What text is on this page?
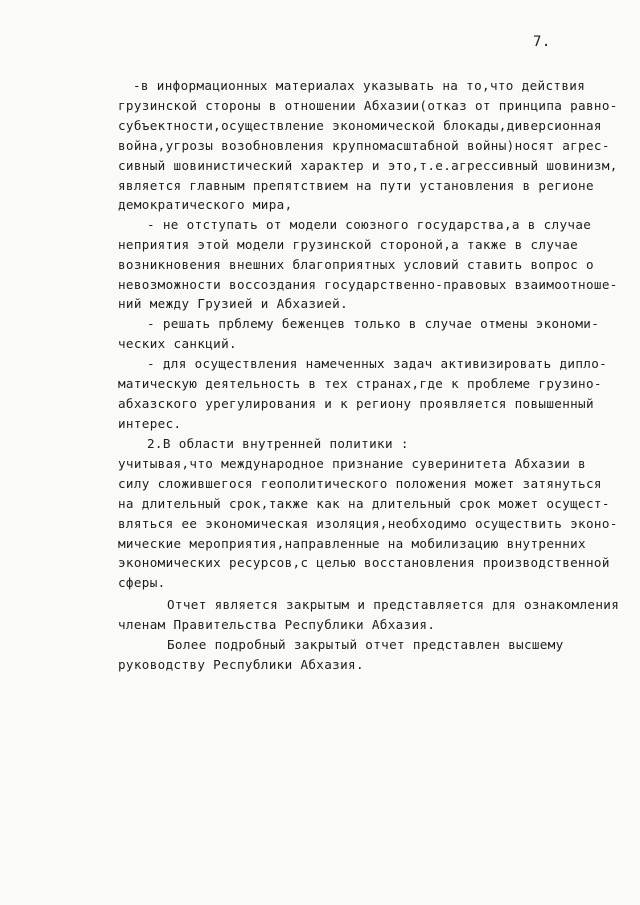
7.
-в информационных материалах указывать на то,что действия
грузинской стороны в отношении Абхазии(отказ от принципа равно-
субъектности,осуществление экономической блокады,диверсионная
война,угрозы возобновления крупномасштабной войны)носят агрес-
сивный шовинистический характер и это,т.е.агрессивный шовинизм,
является главным препятствием на пути установления в регионе
демократического мира,
- не отступать от модели союзного государства,а в случае
неприятия этой модели грузинской стороной,а также в случае
возникновения внешних благоприятных условий ставить вопрос о
невозможности воссоздания государственно-правовых взаимоотноше-
ний между Грузией и Абхазией.
- решать прблему беженцев только в случае отмены экономи-
ческих санкций.
- для осуществления намеченных задач активизировать дипло-
матическую деятельность в тех странах,где к проблеме грузино-
абхазского урегулирования и к региону проявляется повышенный
интерес.
2.В области внутренней политики :
учитывая,что международное признание суверинитета Абхазии в
силу сложившегося геополитического положения может затянуться
на длительный срок,также как на длительный срок может осущест-
вляться ее экономическая изоляция,необходимо осуществить эконо-
мические мероприятия,направленные на мобилизацию внутренних
экономических ресурсов,с целью восстановления производственной
сферы.
Отчет является закрытым и представляется для ознакомления
членам Правительства Республики Абхазия.
Более подробный закрытый отчет представлен высшему
руководству Республики Абхазия.
